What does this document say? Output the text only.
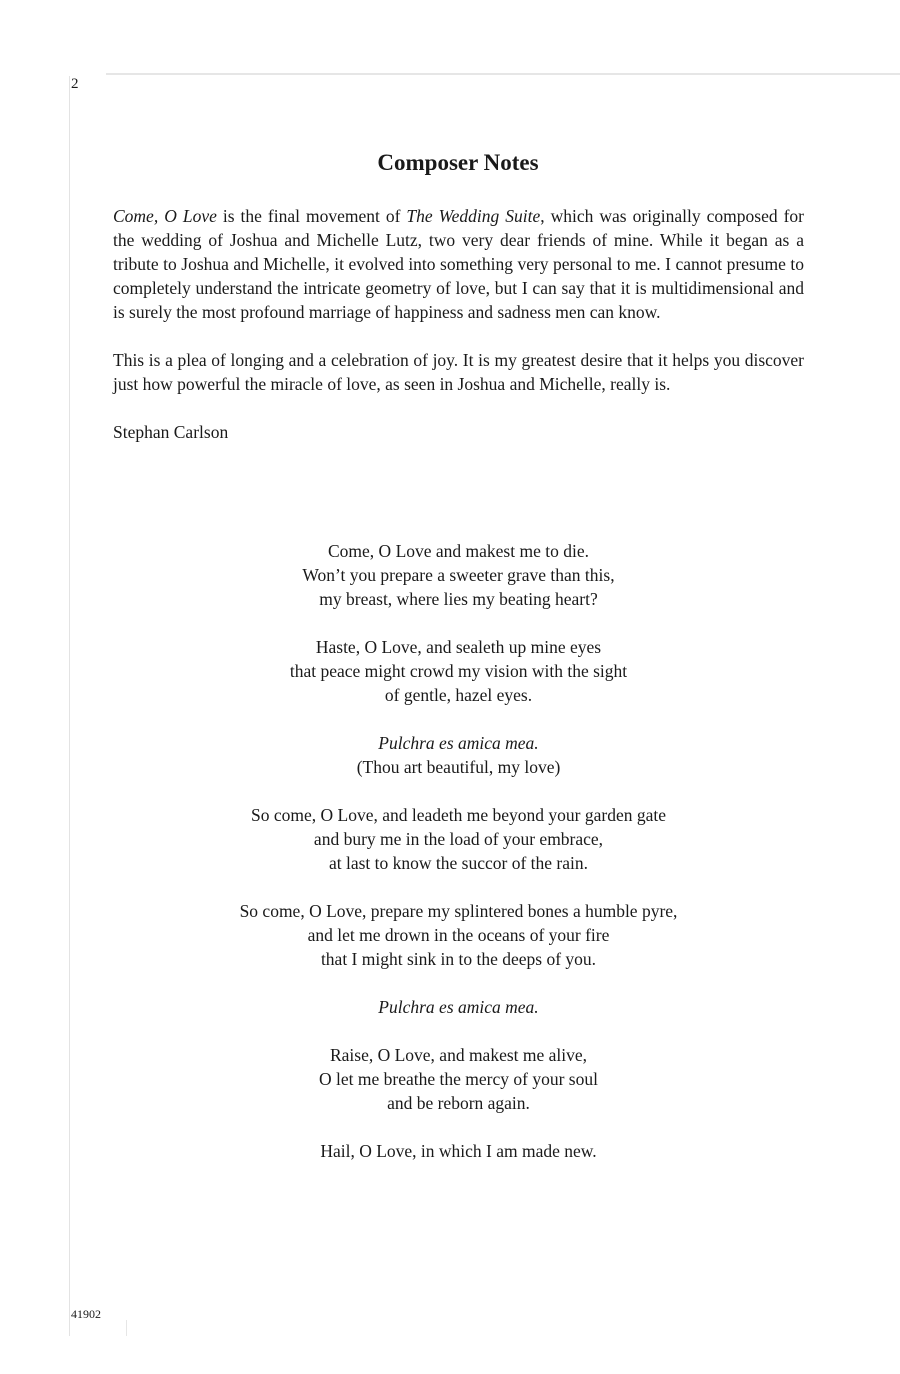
2
Composer Notes

Come, O Love is the final movement of The Wedding Suite, which was originally composed for the wedding of Joshua and Michelle Lutz, two very dear friends of mine. While it began as a tribute to Joshua and Michelle, it evolved into something very personal to me. I cannot presume to completely understand the intricate geometry of love, but I can say that it is multidimensional and is surely the most profound marriage of happiness and sadness men can know.

This is a plea of longing and a celebration of joy. It is my greatest desire that it helps you discover just how powerful the miracle of love, as seen in Joshua and Michelle, really is.

Stephan Carlson

Come, O Love and makest me to die.
Won’t you prepare a sweeter grave than this,
my breast, where lies my beating heart?
Haste, O Love, and sealeth up mine eyes
that peace might crowd my vision with the sight
of gentle, hazel eyes.
Pulchra es amica mea.
(Thou art beautiful, my love)
So come, O Love, and leadeth me beyond your garden gate
and bury me in the load of your embrace,
at last to know the succor of the rain.
So come, O Love, prepare my splintered bones a humble pyre,
and let me drown in the oceans of your fire
that I might sink in to the deeps of you.
Pulchra es amica mea.
Raise, O Love, and makest me alive,
O let me breathe the mercy of your soul
and be reborn again.
Hail, O Love, in which I am made new.
41902
